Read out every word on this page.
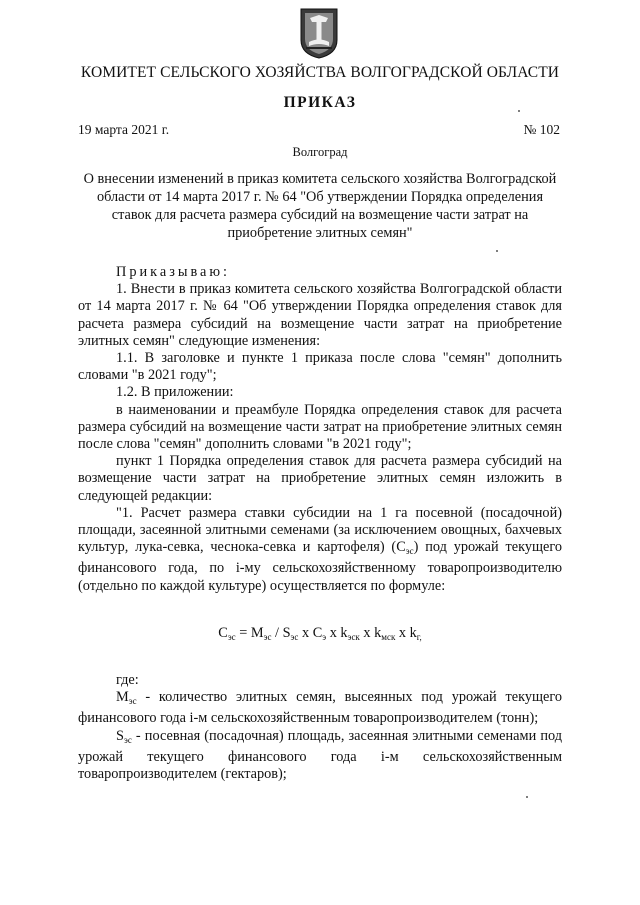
КОМИТЕТ СЕЛЬСКОГО ХОЗЯЙСТВА ВОЛГОГРАДСКОЙ ОБЛАСТИ
ПРИКАЗ
19 марта 2021 г.	№ 102
Волгоград
О внесении изменений в приказ комитета сельского хозяйства Волгоградской области от 14 марта 2017 г. № 64 "Об утверждении Порядка определения ставок для расчета размера субсидий на возмещение части затрат на приобретение элитных семян"

Приказываю:

1. Внести в приказ комитета сельского хозяйства Волгоградской области от 14 марта 2017 г. № 64 "Об утверждении Порядка определения ставок для расчета размера субсидий на возмещение части затрат на приобретение элитных семян" следующие изменения:

1.1. В заголовке и пункте 1 приказа после слова "семян" дополнить словами "в 2021 году";

1.2. В приложении:

в наименовании и преамбуле Порядка определения ставок для расчета размера субсидий на возмещение части затрат на приобретение элитных семян после слова "семян" дополнить словами "в 2021 году";

пункт 1 Порядка определения ставок для расчета размера субсидий на возмещение части затрат на приобретение элитных семян изложить в следующей редакции:

"1. Расчет размера ставки субсидии на 1 га посевной (посадочной) площади, засеянной элитными семенами (за исключением овощных, бахчевых культур, лука-севка, чеснока-севка и картофеля) $(С_{эс})$ под урожай текущего финансового года, по i-му сельскохозяйственному товаропроизводителю (отдельно по каждой культуре) осуществляется по формуле:

$С_{эс} = М_{эс} / S_{эс}$ x $С_э$ x $k_{эск}$ x $k_{мск}$ x $k_{г,}$

где:

$М_{эс}$ - количество элитных семян, высеянных под урожай текущего финансового года i-м сельскохозяйственным товаропроизводителем (тонн);

$S_{эс}$ - посевная (посадочная) площадь, засеянная элитными семенами под урожай текущего финансового года i-м сельскохозяйственным товаропроизводителем (гектаров);
